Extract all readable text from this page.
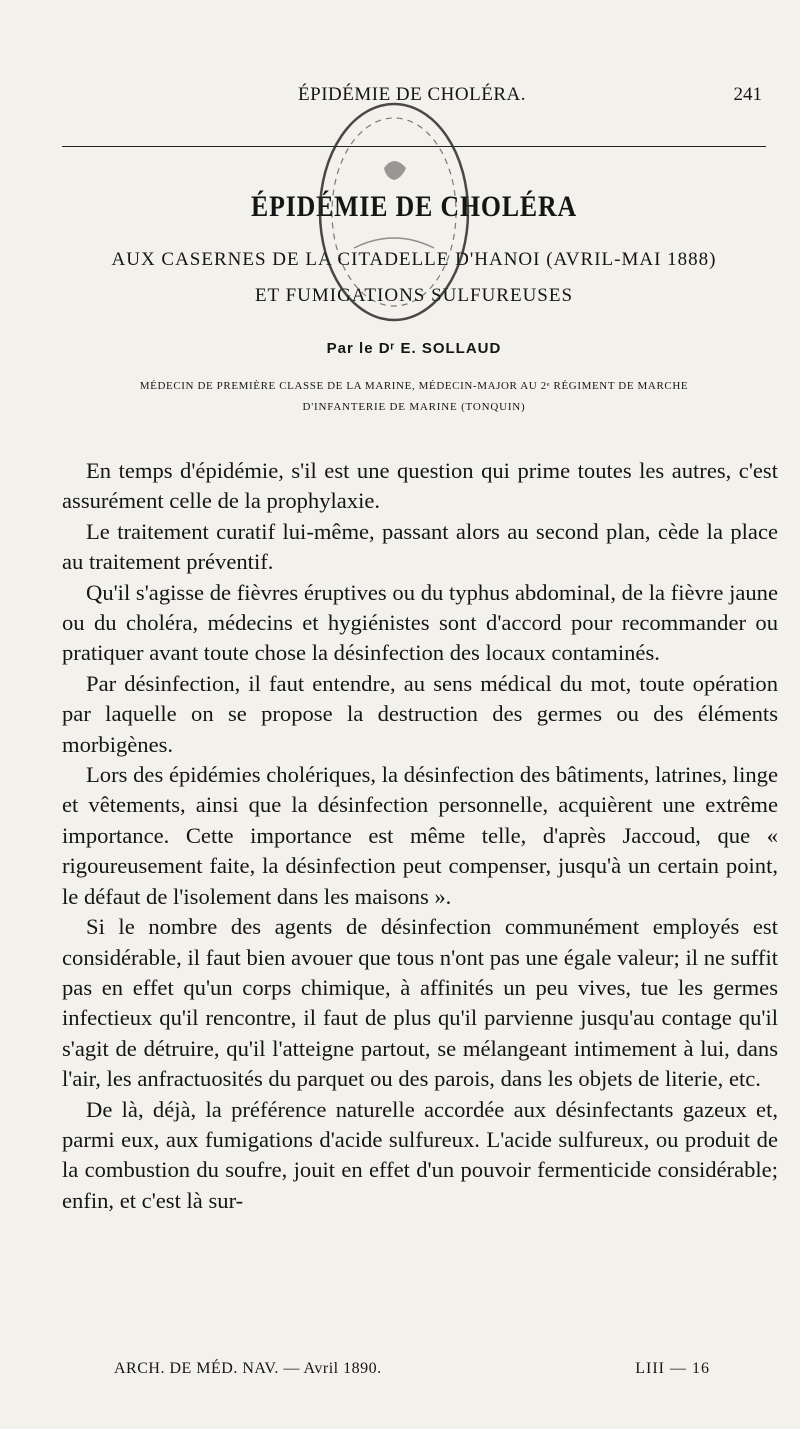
ÉPIDÉMIE DE CHOLÉRA.	241
ÉPIDÉMIE DE CHOLÉRA
AUX CASERNES DE LA CITADELLE D'HANOI (AVRIL-MAI 1888)
ET FUMIGATIONS SULFUREUSES
Par le Dʳ E. SOLLAUD
MÉDECIN DE PREMIÈRE CLASSE DE LA MARINE, MÉDECIN-MAJOR AU 2ᵉ RÉGIMENT DE MARCHE
D'INFANTERIE DE MARINE (TONQUIN)

En temps d'épidémie, s'il est une question qui prime toutes les autres, c'est assurément celle de la prophylaxie.

Le traitement curatif lui-même, passant alors au second plan, cède la place au traitement préventif.

Qu'il s'agisse de fièvres éruptives ou du typhus abdominal, de la fièvre jaune ou du choléra, médecins et hygiénistes sont d'accord pour recommander ou pratiquer avant toute chose la désinfection des locaux contaminés.

Par désinfection, il faut entendre, au sens médical du mot, toute opération par laquelle on se propose la destruction des germes ou des éléments morbigènes.

Lors des épidémies cholériques, la désinfection des bâtiments, latrines, linge et vêtements, ainsi que la désinfection personnelle, acquièrent une extrême importance. Cette importance est même telle, d'après Jaccoud, que « rigoureusement faite, la désinfection peut compenser, jusqu'à un certain point, le défaut de l'isolement dans les maisons ».

Si le nombre des agents de désinfection communément employés est considérable, il faut bien avouer que tous n'ont pas une égale valeur; il ne suffit pas en effet qu'un corps chimique, à affinités un peu vives, tue les germes infectieux qu'il rencontre, il faut de plus qu'il parvienne jusqu'au contage qu'il s'agit de détruire, qu'il l'atteigne partout, se mélangeant intimement à lui, dans l'air, les anfractuosités du parquet ou des parois, dans les objets de literie, etc.

De là, déjà, la préférence naturelle accordée aux désinfectants gazeux et, parmi eux, aux fumigations d'acide sulfureux. L'acide sulfureux, ou produit de la combustion du soufre, jouit en effet d'un pouvoir fermenticide considérable; enfin, et c'est là sur-

ARCH. DE MÉD. NAV. — Avril 1890.	LIII — 16
